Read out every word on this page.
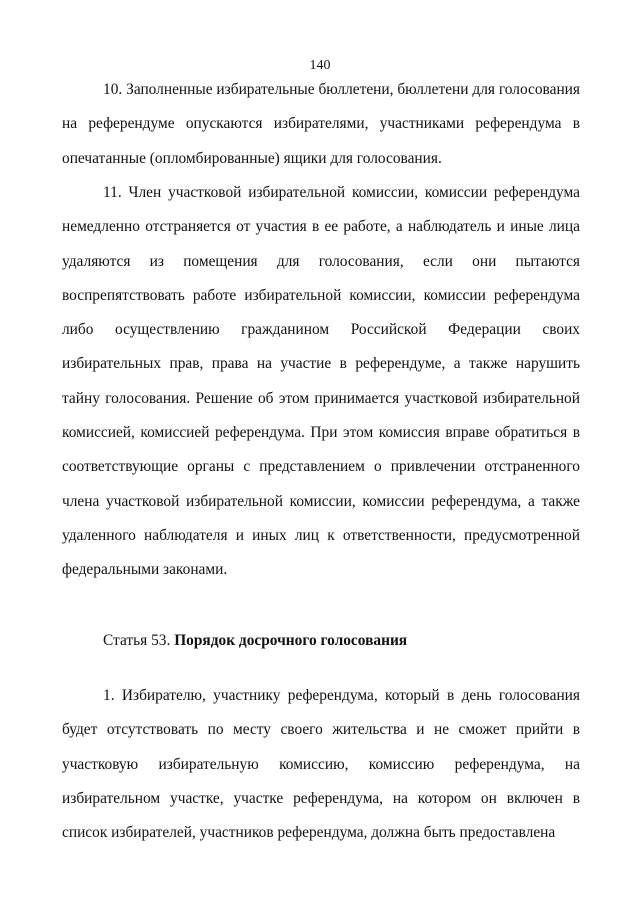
140

10. Заполненные избирательные бюллетени, бюллетени для голосования на референдуме опускаются избирателями, участниками референдума в опечатанные (опломбированные) ящики для голосования.

11. Член участковой избирательной комиссии, комиссии референдума немедленно отстраняется от участия в ее работе, а наблюдатель и иные лица удаляются из помещения для голосования, если они пытаются воспрепятствовать работе избирательной комиссии, комиссии референдума либо осуществлению гражданином Российской Федерации своих избирательных прав, права на участие в референдуме, а также нарушить тайну голосования. Решение об этом принимается участковой избирательной комиссией, комиссией референдума. При этом комиссия вправе обратиться в соответствующие органы с представлением о привлечении отстраненного члена участковой избирательной комиссии, комиссии референдума, а также удаленного наблюдателя и иных лиц к ответственности, предусмотренной федеральными законами.

Статья 53. Порядок досрочного голосования

1. Избирателю, участнику референдума, который в день голосования будет отсутствовать по месту своего жительства и не сможет прийти в участковую избирательную комиссию, комиссию референдума, на избирательном участке, участке референдума, на котором он включен в список избирателей, участников референдума, должна быть предоставлена
